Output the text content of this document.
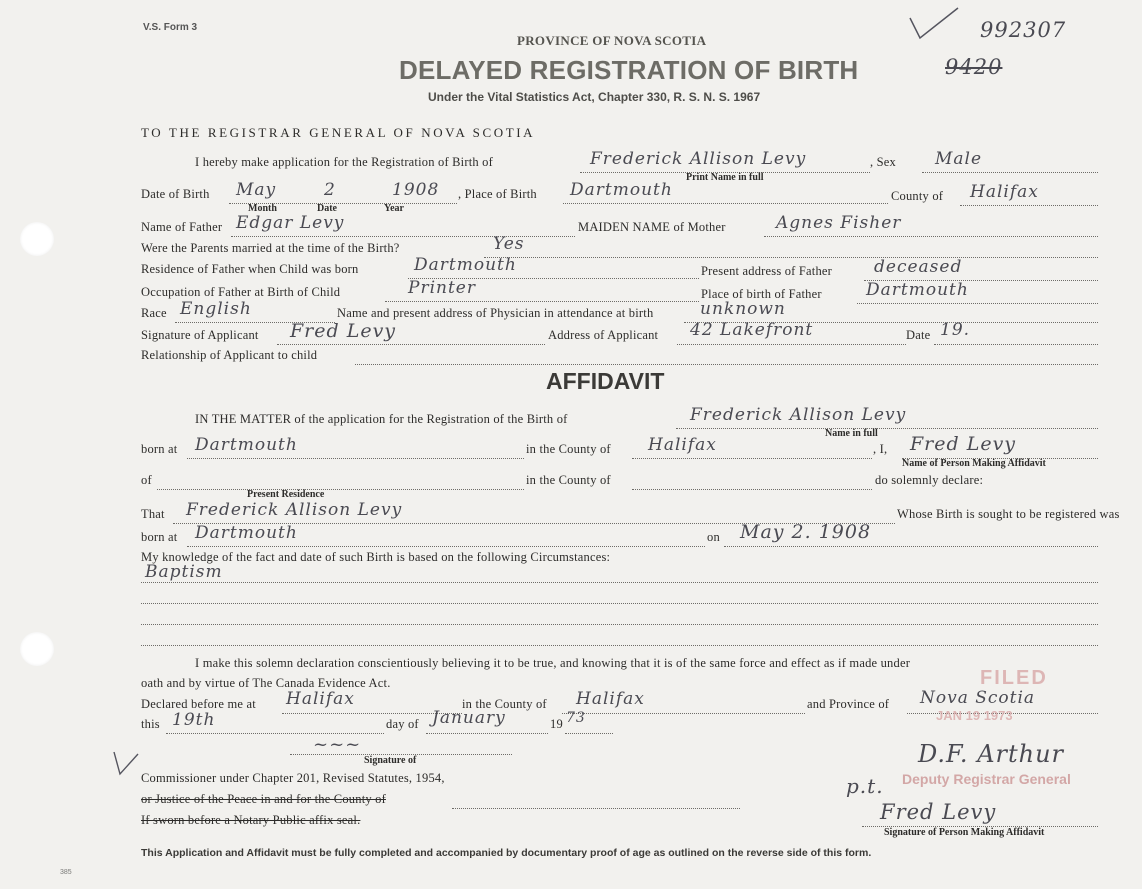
V.S. Form 3
PROVINCE OF NOVA SCOTIA
DELAYED REGISTRATION OF BIRTH
Under the Vital Statistics Act, Chapter 330, R. S. N. S. 1967
992307
9420
TO THE REGISTRAR GENERAL OF NOVA SCOTIA
I hereby make application for the Registration of Birth of	Frederick Allison Levy	, Sex Male
Print Name in full
Date of Birth May	2	1908
Month	Date	Year
, Place of Birth Dartmouth	County of Halifax
Name of Father Edgar Levy	MAIDEN NAME of Mother	Agnes Fisher
Were the Parents married at the time of the Birth?	Yes
Residence of Father when Child was born	Dartmouth	Present address of Father deceased
Occupation of Father at Birth of Child	Printer	Place of birth of Father	Dartmouth
Race English	Name and present address of Physician in attendance at birth	unknown
Signature of Applicant Fred Levy	Address of Applicant 42 Lakefront	Date 19.
Relationship of Applicant to child
AFFIDAVIT
IN THE MATTER of the application for the Registration of the Birth of	Frederick Allison Levy
Name in full
born at Dartmouth	in the County of Halifax	, I, Fred Levy
Name of Person Making Affidavit
of	in the County of	do solemnly declare:
Present Residence
That Frederick Allison Levy	Whose Birth is sought to be registered was
born at Dartmouth	on May 2. 1908
My knowledge of the fact and date of such Birth is based on the following Circumstances:
Baptism
I make this solemn declaration conscientiously believing it to be true, and knowing that it is of the same force and effect as if made under
oath and by virtue of The Canada Evidence Act.
Declared before me at Halifax	in the County of Halifax	and Province of Nova Scotia
this 19th	day of January	19 73
~~~
Signature of
Commissioner under Chapter 201, Revised Statutes, 1954,
or Justice of the Peace in and for the County of
If sworn before a Notary Public affix seal.
FILED
JAN 19 1973
D.F. Arthur
Deputy Registrar General
p.t.
Fred Levy
Signature of Person Making Affidavit
This Application and Affidavit must be fully completed and accompanied by documentary proof of age as outlined on the reverse side of this form.
385
